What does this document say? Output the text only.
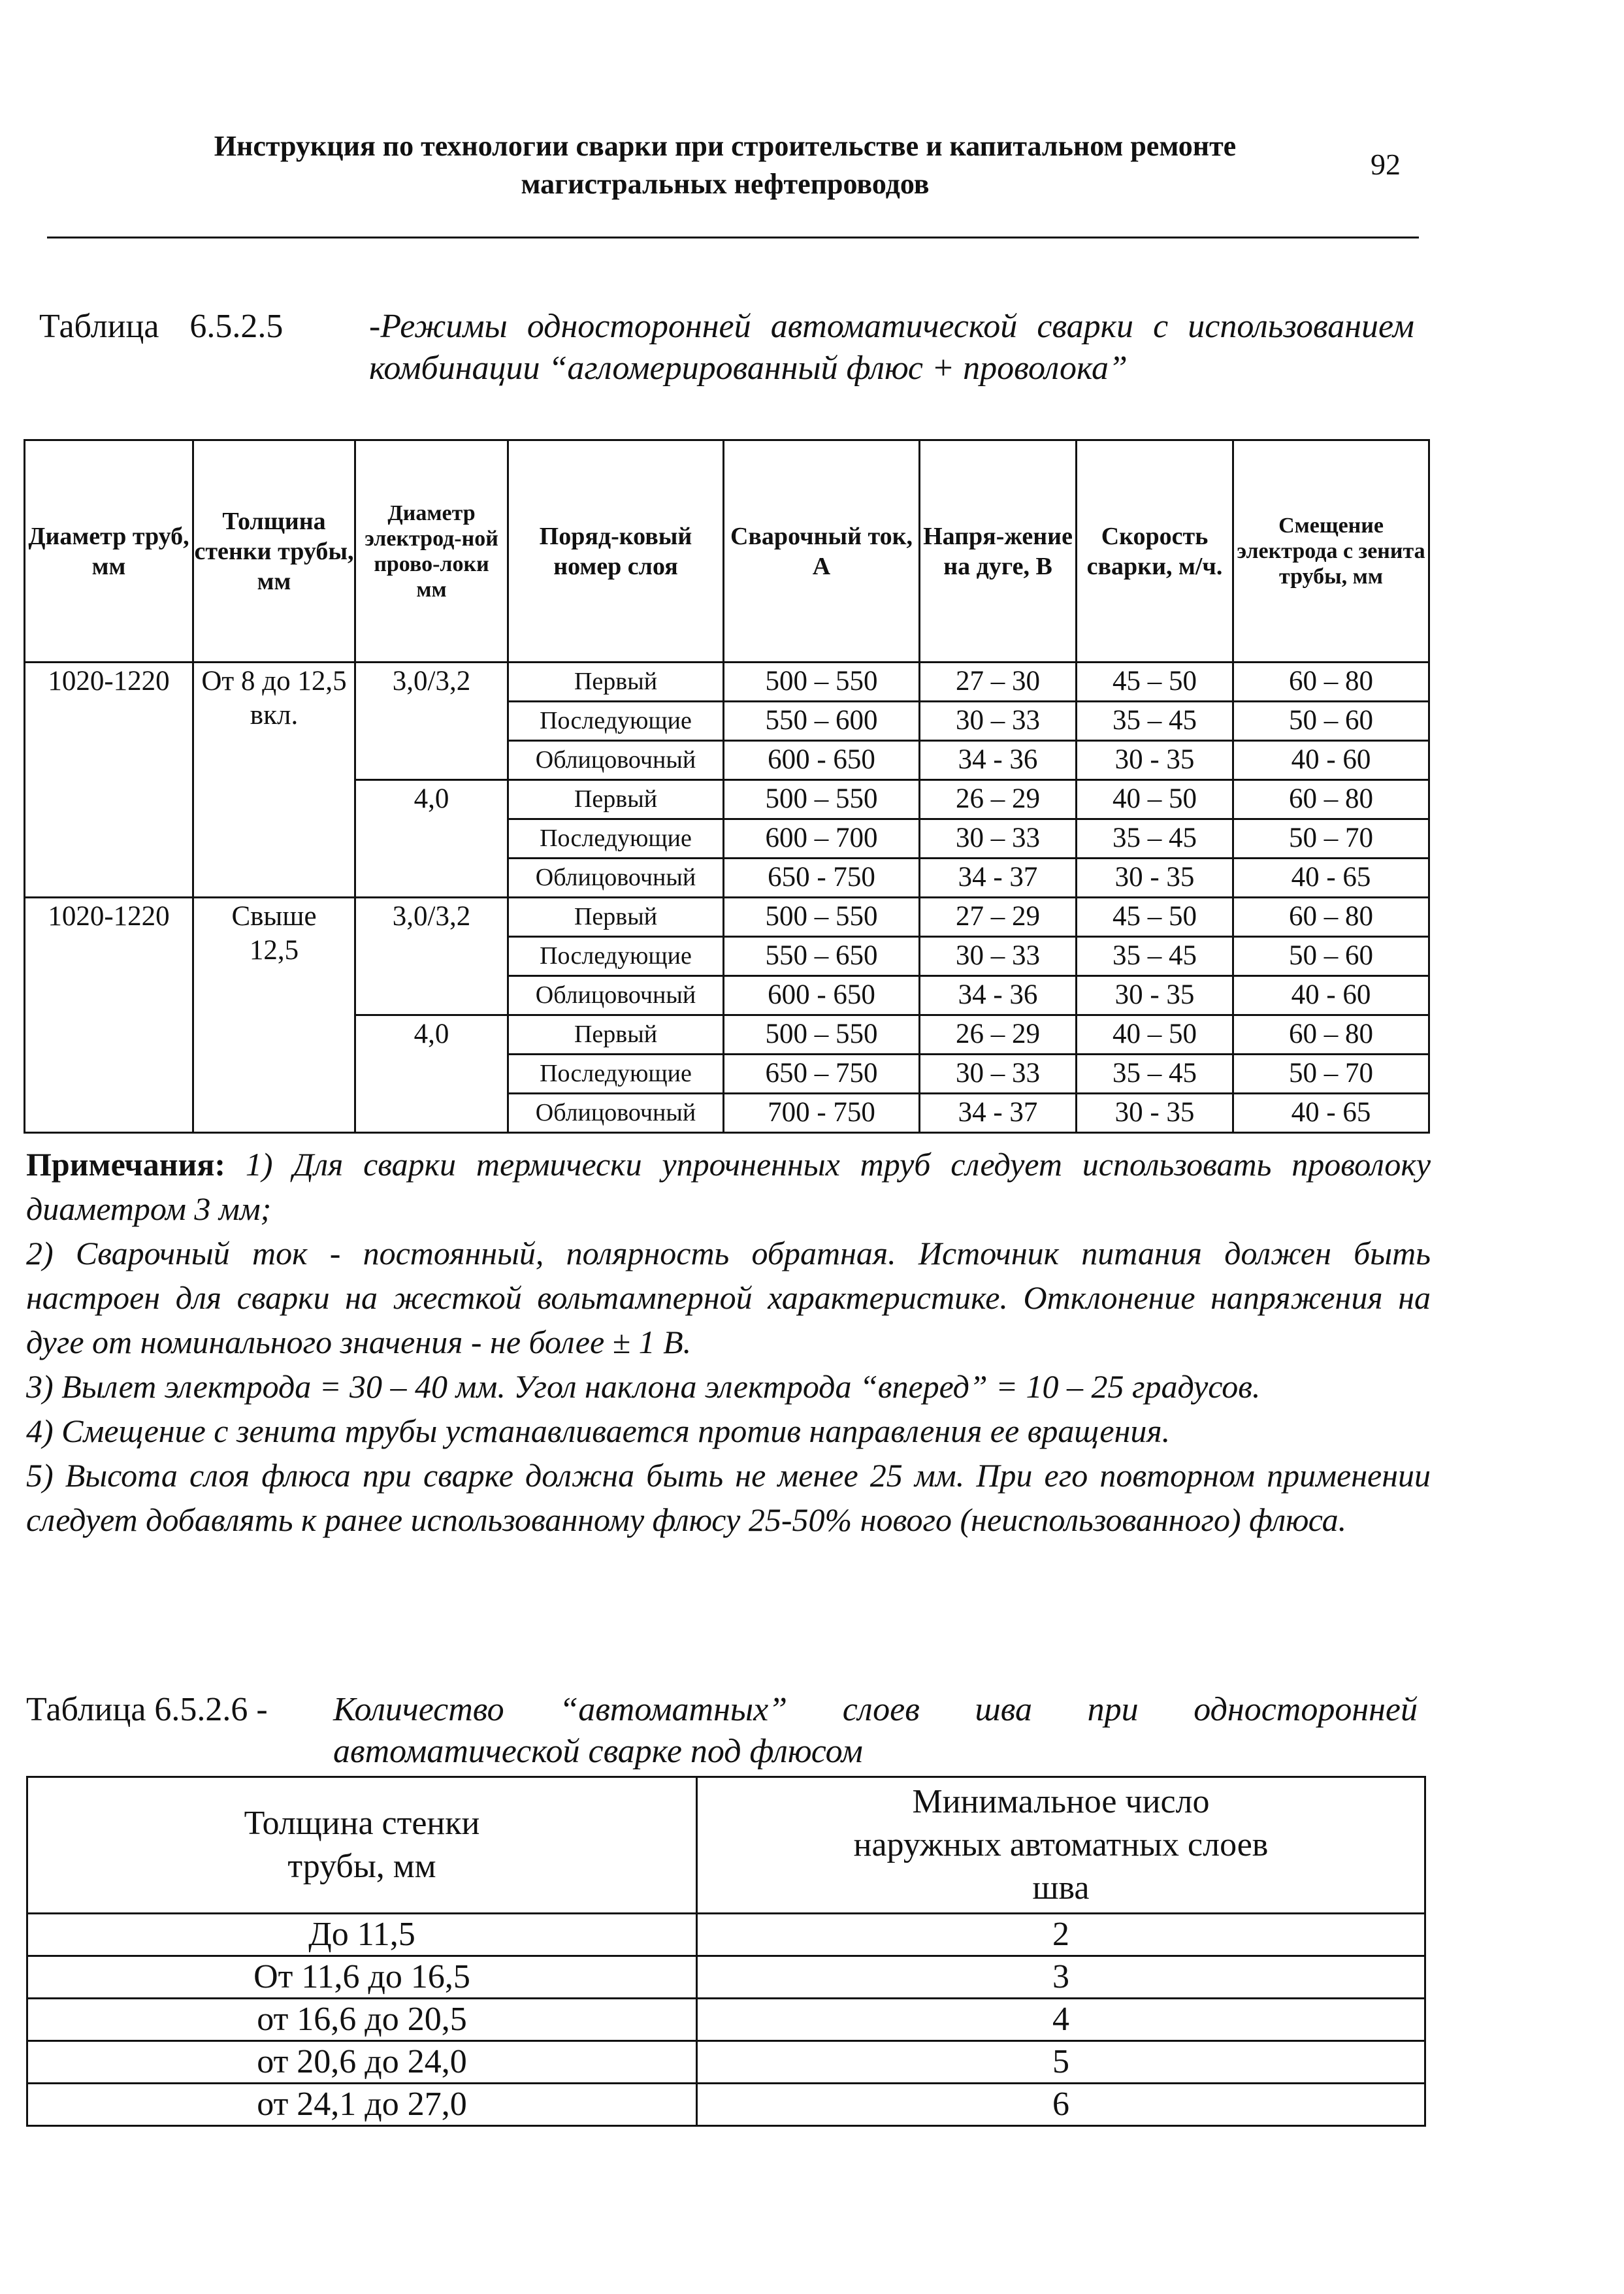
Инструкция по технологии сварки при строительстве и капитальном ремонте
магистральных нефтепроводов
92
Таблица 6.5.2.5	-Режимы односторонней автоматической сварки с использованием комбинации “агломерированный флюс + проволока”
Диаметр труб, мм	Толщина стенки трубы, мм	Диаметр электрод-ной прово-локи мм	Поряд-ковый номер слоя	Сварочный ток, А	Напря-жение на дуге, В	Скорость сварки, м/ч.	Смещение электрода с зенита трубы, мм
1020-1220	От 8 до 12,5 вкл.	3,0/3,2	Первый	500 – 550	27 – 30	45 – 50	60 – 80
			Последующие	550 – 600	30 – 33	35 – 45	50 – 60
			Облицовочный	600 - 650	34 - 36	30 - 35	40 - 60
		4,0	Первый	500 – 550	26 – 29	40 – 50	60 – 80
			Последующие	600 – 700	30 – 33	35 – 45	50 – 70
			Облицовочный	650 - 750	34 - 37	30 - 35	40 - 65
1020-1220	Свыше 12,5	3,0/3,2	Первый	500 – 550	27 – 29	45 – 50	60 – 80
			Последующие	550 – 650	30 – 33	35 – 45	50 – 60
			Облицовочный	600 - 650	34 - 36	30 - 35	40 - 60
		4,0	Первый	500 – 550	26 – 29	40 – 50	60 – 80
			Последующие	650 – 750	30 – 33	35 – 45	50 – 70
			Облицовочный	700 - 750	34 - 37	30 - 35	40 - 65

Примечания: 1) Для сварки термически упрочненных труб следует использовать проволоку диаметром 3 мм;

2) Сварочный ток - постоянный, полярность обратная. Источник питания должен быть настроен для сварки на жесткой вольтамперной характеристике. Отклонение напряжения на дуге от номинального значения - не более ± 1 В.

3) Вылет электрода = 30 – 40 мм. Угол наклона электрода “вперед” = 10 – 25 градусов.

4) Смещение с зенита трубы устанавливается против направления ее вращения.

5) Высота слоя флюса при сварке должна быть не менее 25 мм. При его повторном применении следует добавлять к ранее использованному флюсу 25-50% нового (неиспользованного) флюса.

Таблица 6.5.2.6 - Количество “автоматных” слоев шва при односторонней автоматической сварке под флюсом
Толщина стенки трубы, мм	Минимальное число наружных автоматных слоев шва
До 11,5	2
От 11,6 до 16,5	3
от 16,6 до 20,5	4
от 20,6 до 24,0	5
от 24,1 до 27,0	6
